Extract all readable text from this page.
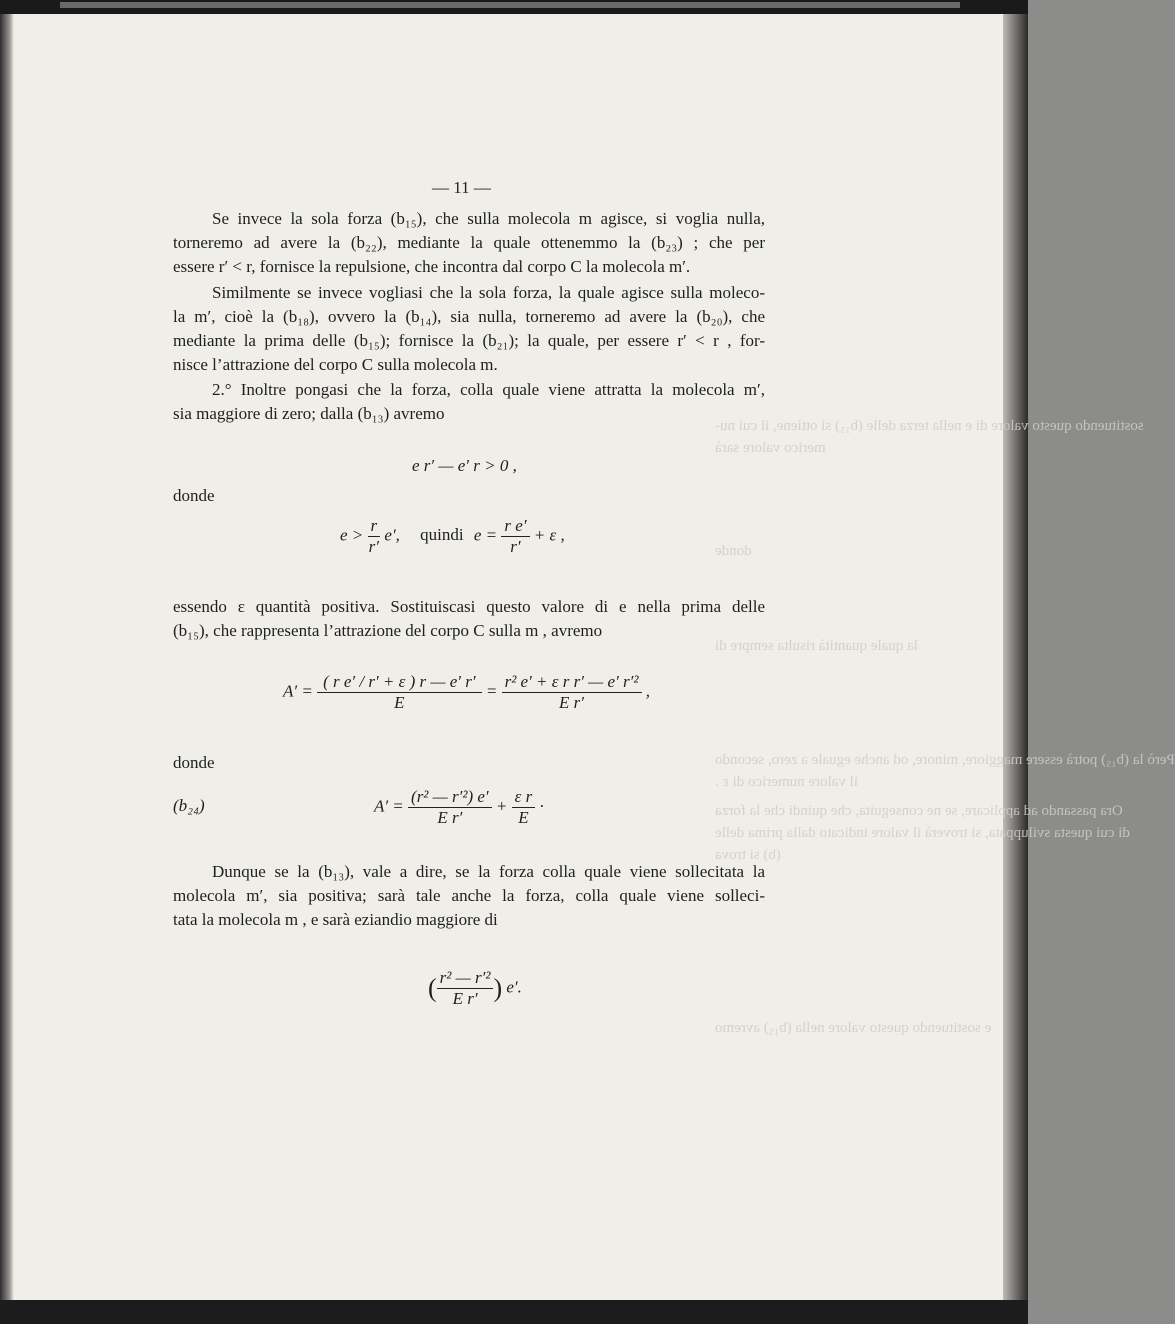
sostituendo questo valore di e nella terza delle (b₁₅) si ottiene, il cui nu-
merico valore sarà
donde
la quale quantità risulta sempre di
Però la (b₁₅) potrà essere maggiore, minore, od anche eguale a zero, secondo
il valore numerico di ε .
Ora passando ad applicare, se ne conseguita, che quindi che la forza
di cui questa sviluppata, si troverà il valore indicato dalla prima delle
(b) si trova
e sostituendo questo valore nella (b₁₅) avremo
— 11 —
Se invece la sola forza (b₁₅), che sulla molecola m agisce, si voglia nulla,
torneremo ad avere la (b₂₂), mediante la quale ottenemmo la (b₂₃) ; che per
essere r′ < r, fornisce la repulsione, che incontra dal corpo C la molecola m′.
Similmente se invece vogliasi che la sola forza, la quale agisce sulla moleco-
la m′, cioè la (b₁₈), ovvero la (b₁₄), sia nulla, torneremo ad avere la (b₂₀), che
mediante la prima delle (b₁₅); fornisce la (b₂₁); la quale, per essere r′ < r , for-
nisce l’attrazione del corpo C sulla molecola m.
2.° Inoltre pongasi che la forza, colla quale viene attratta la molecola m′,
sia maggiore di zero; dalla (b₁₃) avremo
e r′ — e′ r > 0 ,
donde
$e > \frac{r}{r'} e'$, quindi $e = \frac{\text{r e′}}{r'} + \varepsilon$ ,
essendo ε quantità positiva. Sostituiscasi questo valore di e nella prima delle
(b₁₅), che rappresenta l’attrazione del corpo C sulla m , avremo
$A' = \frac{\text{( r e′ / r′ + ε ) r — e′ r′}}{E} = \frac{\text{r² e′ + ε r r′ — e′ r′²}}{\text{E r′}}$ ,
donde
(b₂₄)	$A' = \frac{\text{(r² — r′²) e′}}{\text{E r′}} + \frac{\text{ε r}}{E}$ ·
Dunque se la (b₁₃), vale a dire, se la forza colla quale viene sollecitata la
molecola m′, sia positiva; sarà tale anche la forza, colla quale viene solleci-
tata la molecola m , e sarà eziandio maggiore di
( $\frac{\text{r² — r′²}}{\text{E r′}}$ ) e′.
